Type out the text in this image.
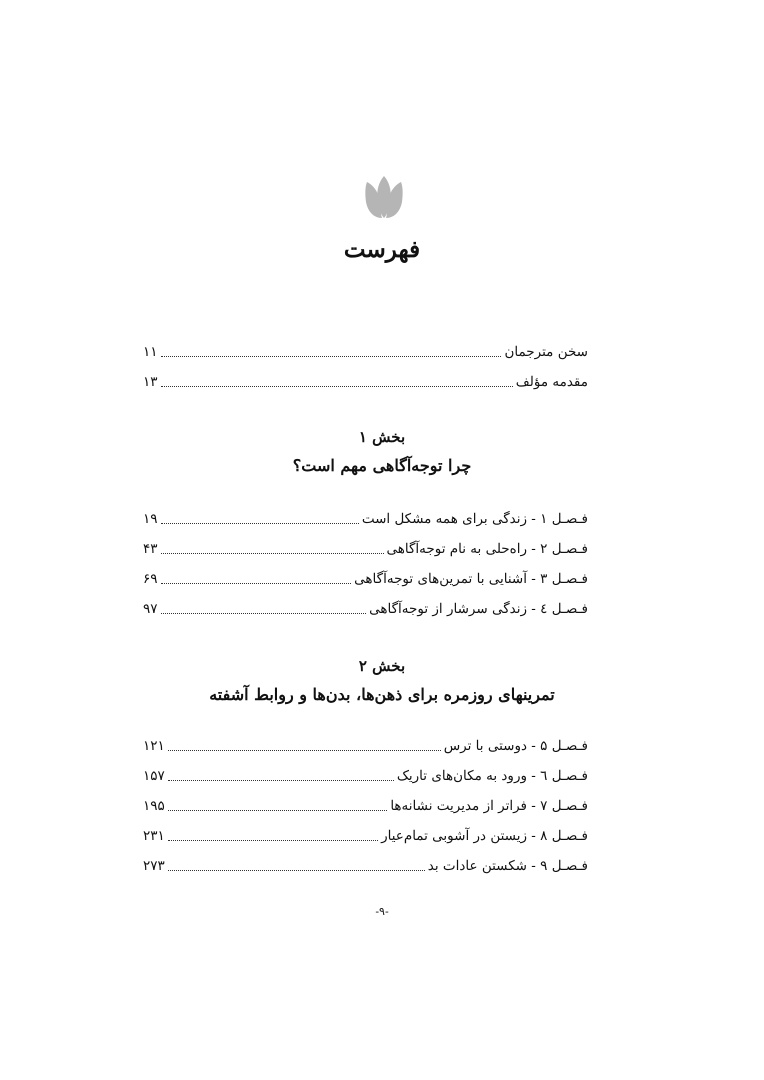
فهرست
سخن مترجمان
۱۱
مقدمه مؤلف
۱۳
بخش ۱
چرا توجه‌آگاهی مهم است؟
فـصـل ۱ - زندگی برای همه مشکل است
۱۹
فـصـل ۲ - راه‌حلی به نام توجه‌آگاهی
۴۳
فـصـل ۳ - آشنایی با تمرین‌های توجه‌آگاهی
۶۹
فـصـل ٤ - زندگی سرشار از توجه‌آگاهی
۹۷
بخش ۲
تمرینهای روزمره برای ذهن‌ها، بدن‌ها و روابط آشفته
فـصـل ۵ - دوستی با ترس
۱۲۱
فـصـل ٦ - ورود به مکان‌های تاریک
۱۵۷
فـصـل ۷ - فراتر از مدیریت نشانه‌ها
۱۹۵
فـصـل ۸ - زیستن در آشوبی تمام‌عیار
۲۳۱
فـصـل ۹ - شکستن عادات بد
۲۷۳
-۹-
